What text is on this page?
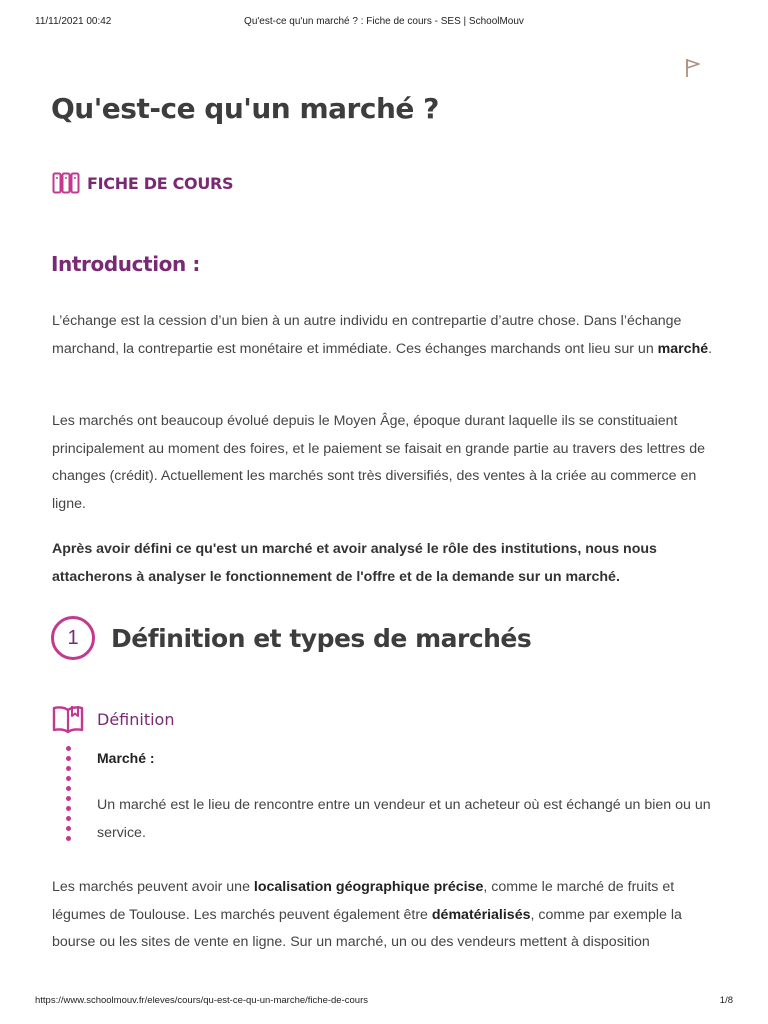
11/11/2021 00:42	Qu'est-ce qu'un marché ? : Fiche de cours - SES | SchoolMouv
Qu'est-ce qu'un marché ?
FICHE DE COURS
Introduction :

L’échange est la cession d’un bien à un autre individu en contrepartie d’autre chose. Dans l’échange marchand, la contrepartie est monétaire et immédiate. Ces échanges marchands ont lieu sur un marché.

Les marchés ont beaucoup évolué depuis le Moyen Âge, époque durant laquelle ils se constituaient principalement au moment des foires, et le paiement se faisait en grande partie au travers des lettres de changes (crédit). Actuellement les marchés sont très diversifiés, des ventes à la criée au commerce en ligne.

Après avoir défini ce qu'est un marché et avoir analysé le rôle des institutions, nous nous attacherons à analyser le fonctionnement de l'offre et de la demande sur un marché.

1	Définition et types de marchés
Définition
Marché :

Un marché est le lieu de rencontre entre un vendeur et un acheteur où est échangé un bien ou un service.

Les marchés peuvent avoir une localisation géographique précise, comme le marché de fruits et légumes de Toulouse. Les marchés peuvent également être dématérialisés, comme par exemple la bourse ou les sites de vente en ligne. Sur un marché, un ou des vendeurs mettent à disposition

https://www.schoolmouv.fr/eleves/cours/qu-est-ce-qu-un-marche/fiche-de-cours	1/8
